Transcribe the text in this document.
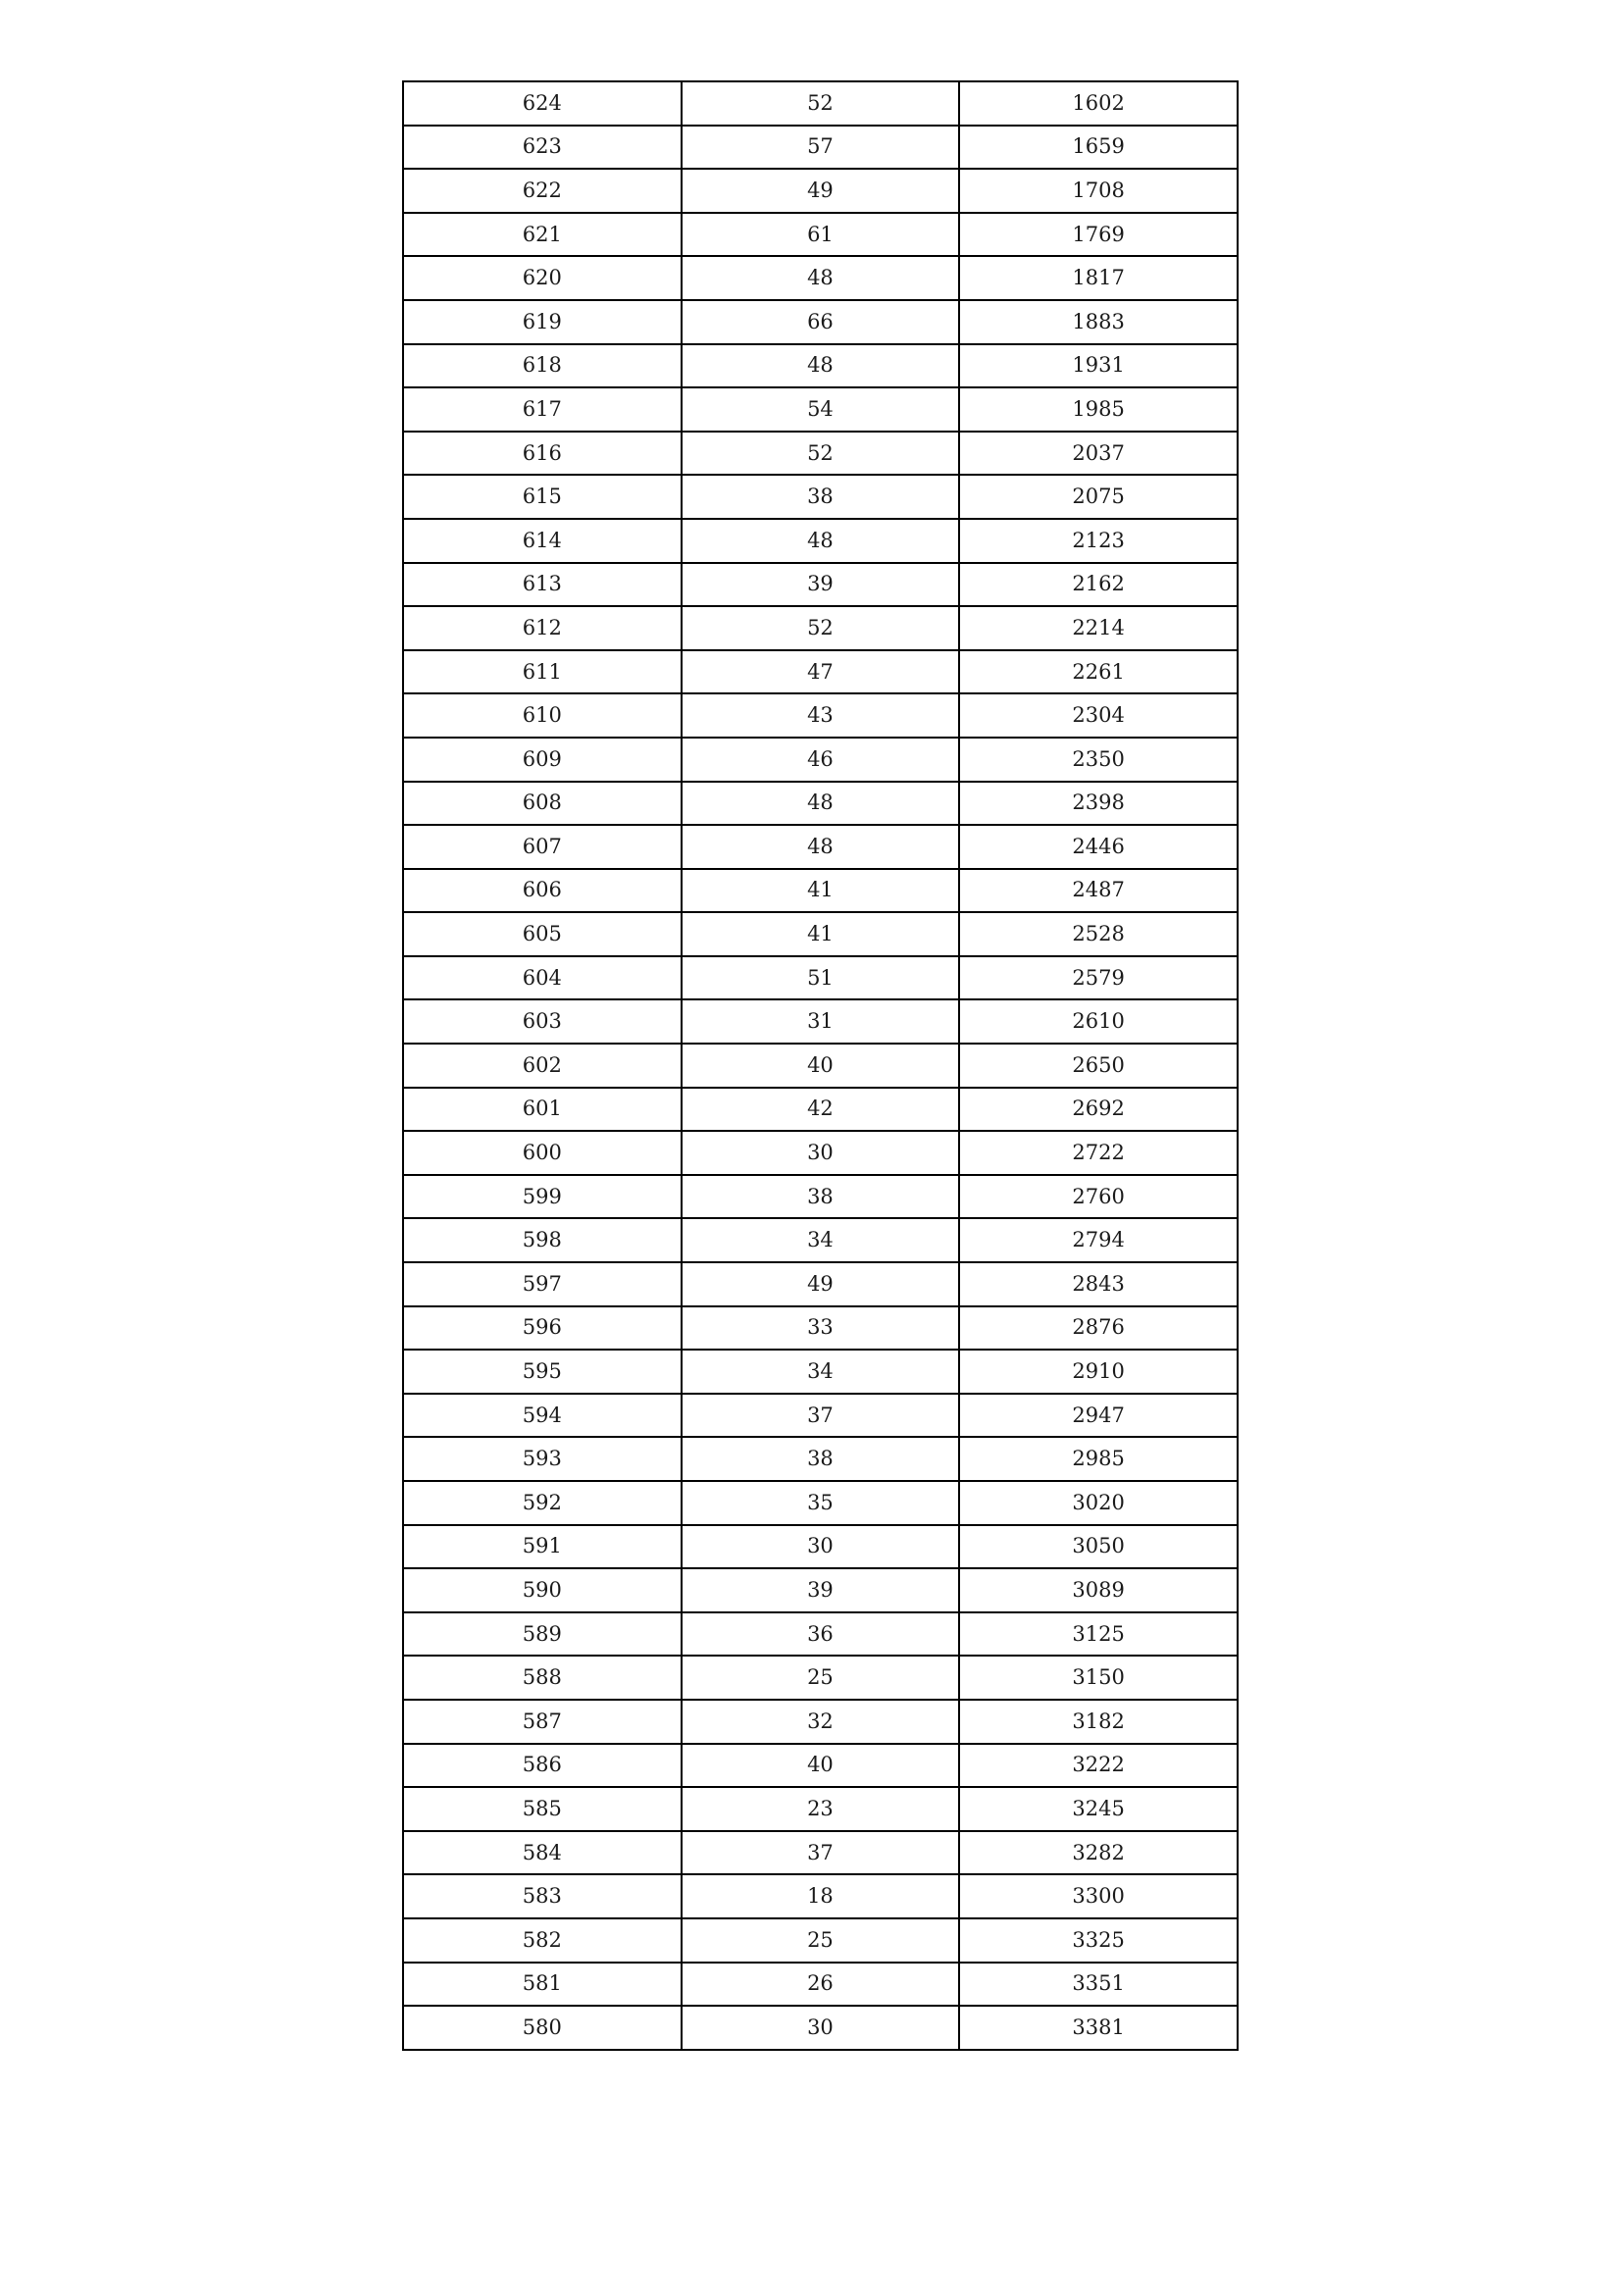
624	52	1602
623	57	1659
622	49	1708
621	61	1769
620	48	1817
619	66	1883
618	48	1931
617	54	1985
616	52	2037
615	38	2075
614	48	2123
613	39	2162
612	52	2214
611	47	2261
610	43	2304
609	46	2350
608	48	2398
607	48	2446
606	41	2487
605	41	2528
604	51	2579
603	31	2610
602	40	2650
601	42	2692
600	30	2722
599	38	2760
598	34	2794
597	49	2843
596	33	2876
595	34	2910
594	37	2947
593	38	2985
592	35	3020
591	30	3050
590	39	3089
589	36	3125
588	25	3150
587	32	3182
586	40	3222
585	23	3245
584	37	3282
583	18	3300
582	25	3325
581	26	3351
580	30	3381
